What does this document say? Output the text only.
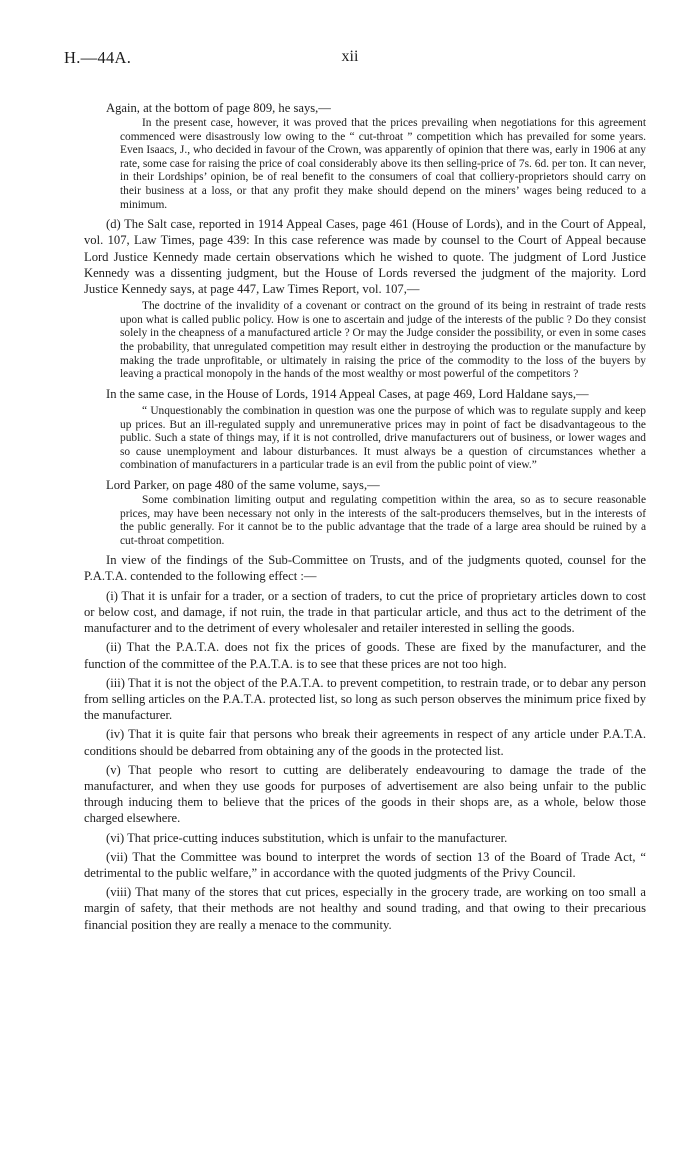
H.—44A.	xii

Again, at the bottom of page 809, he says,—

In the present case, however, it was proved that the prices prevailing when negotiations for this agreement commenced were disastrously low owing to the “ cut-throat ” competition which has prevailed for some years. Even Isaacs, J., who decided in favour of the Crown, was apparently of opinion that there was, early in 1906 at any rate, some case for raising the price of coal considerably above its then selling-price of 7s. 6d. per ton. It can never, in their Lordships’ opinion, be of real benefit to the consumers of coal that colliery-proprietors should carry on their business at a loss, or that any profit they make should depend on the miners’ wages being reduced to a minimum.

(d) The Salt case, reported in 1914 Appeal Cases, page 461 (House of Lords), and in the Court of Appeal, vol. 107, Law Times, page 439: In this case reference was made by counsel to the Court of Appeal because Lord Justice Kennedy made certain observations which he wished to quote. The judgment of Lord Justice Kennedy was a dissenting judgment, but the House of Lords reversed the judgment of the majority. Lord Justice Kennedy says, at page 447, Law Times Report, vol. 107,—

The doctrine of the invalidity of a covenant or contract on the ground of its being in restraint of trade rests upon what is called public policy. How is one to ascertain and judge of the interests of the public ? Do they consist solely in the cheapness of a manufactured article ? Or may the Judge consider the possibility, or even in some cases the probability, that unregulated competition may result either in destroying the production or the manufacture by making the trade unprofitable, or ultimately in raising the price of the commodity to the loss of the buyers by leaving a practical monopoly in the hands of the most wealthy or most powerful of the competitors ?

In the same case, in the House of Lords, 1914 Appeal Cases, at page 469, Lord Haldane says,—

“ Unquestionably the combination in question was one the purpose of which was to regulate supply and keep up prices. But an ill-regulated supply and unremunerative prices may in point of fact be disadvantageous to the public. Such a state of things may, if it is not controlled, drive manufacturers out of business, or lower wages and so cause unemployment and labour disturbances. It must always be a question of circumstances whether a combination of manufacturers in a particular trade is an evil from the public point of view.”

Lord Parker, on page 480 of the same volume, says,—

Some combination limiting output and regulating competition within the area, so as to secure reasonable prices, may have been necessary not only in the interests of the salt-producers themselves, but in the interests of the public generally. For it cannot be to the public advantage that the trade of a large area should be ruined by a cut-throat competition.

In view of the findings of the Sub-Committee on Trusts, and of the judgments quoted, counsel for the P.A.T.A. contended to the following effect :—

(i) That it is unfair for a trader, or a section of traders, to cut the price of proprietary articles down to cost or below cost, and damage, if not ruin, the trade in that particular article, and thus act to the detriment of the manufacturer and to the detriment of every wholesaler and retailer interested in selling the goods.

(ii) That the P.A.T.A. does not fix the prices of goods. These are fixed by the manufacturer, and the function of the committee of the P.A.T.A. is to see that these prices are not too high.

(iii) That it is not the object of the P.A.T.A. to prevent competition, to restrain trade, or to debar any person from selling articles on the P.A.T.A. protected list, so long as such person observes the minimum price fixed by the manufacturer.

(iv) That it is quite fair that persons who break their agreements in respect of any article under P.A.T.A. conditions should be debarred from obtaining any of the goods in the protected list.

(v) That people who resort to cutting are deliberately endeavouring to damage the trade of the manufacturer, and when they use goods for purposes of advertisement are also being unfair to the public through inducing them to believe that the prices of the goods in their shops are, as a whole, below those charged elsewhere.

(vi) That price-cutting induces substitution, which is unfair to the manufacturer.

(vii) That the Committee was bound to interpret the words of section 13 of the Board of Trade Act, “ detrimental to the public welfare,” in accordance with the quoted judgments of the Privy Council.

(viii) That many of the stores that cut prices, especially in the grocery trade, are working on too small a margin of safety, that their methods are not healthy and sound trading, and that owing to their precarious financial position they are really a menace to the community.
